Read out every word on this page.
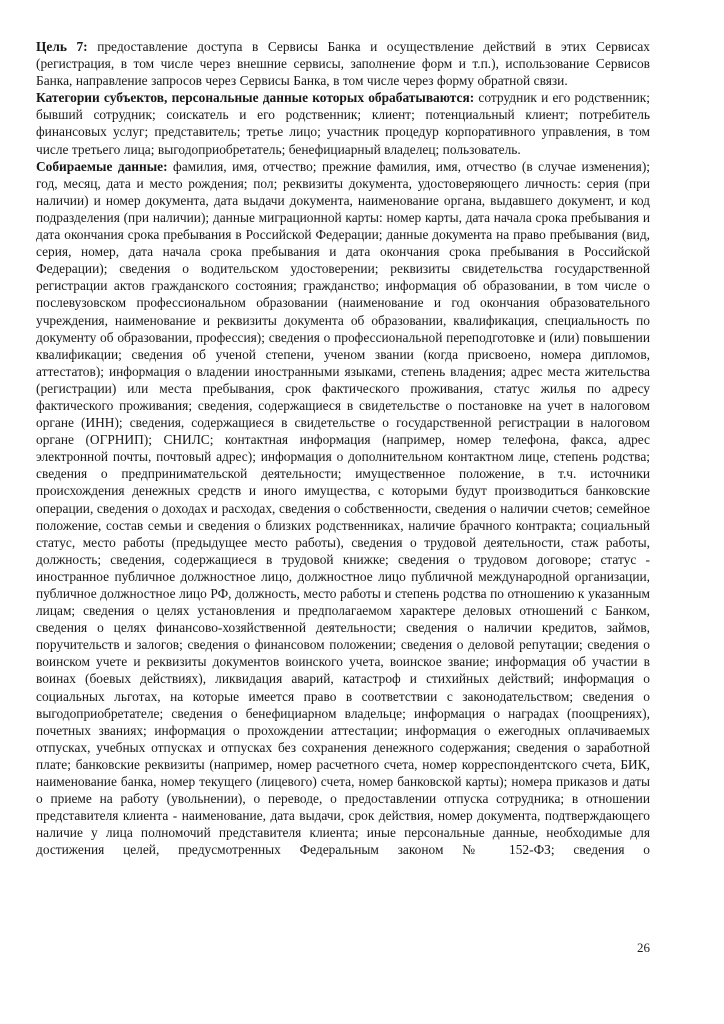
Цель 7: предоставление доступа в Сервисы Банка и осуществление действий в этих Сервисах (регистрация, в том числе через внешние сервисы, заполнение форм и т.п.), использование Сервисов Банка, направление запросов через Сервисы Банка, в том числе через форму обратной связи.

Категории субъектов, персональные данные которых обрабатываются: сотрудник и его родственник; бывший сотрудник; соискатель и его родственник; клиент; потенциальный клиент; потребитель финансовых услуг; представитель; третье лицо; участник процедур корпоративного управления, в том числе третьего лица; выгодоприобретатель; бенефициарный владелец; пользователь.

Собираемые данные: фамилия, имя, отчество; прежние фамилия, имя, отчество (в случае изменения); год, месяц, дата и место рождения; пол; реквизиты документа, удостоверяющего личность: серия (при наличии) и номер документа, дата выдачи документа, наименование органа, выдавшего документ, и код подразделения (при наличии); данные миграционной карты: номер карты, дата начала срока пребывания и дата окончания срока пребывания в Российской Федерации; данные документа на право пребывания (вид, серия, номер, дата начала срока пребывания и дата окончания срока пребывания в Российской Федерации); сведения о водительском удостоверении; реквизиты свидетельства государственной регистрации актов гражданского состояния; гражданство; информация об образовании, в том числе о послевузовском профессиональном образовании (наименование и год окончания образовательного учреждения, наименование и реквизиты документа об образовании, квалификация, специальность по документу об образовании, профессия); сведения о профессиональной переподготовке и (или) повышении квалификации; сведения об ученой степени, ученом звании (когда присвоено, номера дипломов, аттестатов); информация о владении иностранными языками, степень владения; адрес места жительства (регистрации) или места пребывания, срок фактического проживания, статус жилья по адресу фактического проживания; сведения, содержащиеся в свидетельстве о постановке на учет в налоговом органе (ИНН); сведения, содержащиеся в свидетельстве о государственной регистрации в налоговом органе (ОГРНИП); СНИЛС; контактная информация (например, номер телефона, факса, адрес электронной почты, почтовый адрес); информация о дополнительном контактном лице, степень родства; сведения о предпринимательской деятельности; имущественное положение, в т.ч. источники происхождения денежных средств и иного имущества, с которыми будут производиться банковские операции, сведения о доходах и расходах, сведения о собственности, сведения о наличии счетов; семейное положение, состав семьи и сведения о близких родственниках, наличие брачного контракта; социальный статус, место работы (предыдущее место работы), сведения о трудовой деятельности, стаж работы, должность; сведения, содержащиеся в трудовой книжке; сведения о трудовом договоре; статус - иностранное публичное должностное лицо, должностное лицо публичной международной организации, публичное должностное лицо РФ, должность, место работы и степень родства по отношению к указанным лицам; сведения о целях установления и предполагаемом характере деловых отношений с Банком, сведения о целях финансово-хозяйственной деятельности; сведения о наличии кредитов, займов, поручительств и залогов; сведения о финансовом положении; сведения о деловой репутации; сведения о воинском учете и реквизиты документов воинского учета, воинское звание; информация об участии в воинах (боевых действиях), ликвидация аварий, катастроф и стихийных действий; информация о социальных льготах, на которые имеется право в соответствии с законодательством; сведения о выгодоприобретателе; сведения о бенефициарном владельце; информация о наградах (поощрениях), почетных званиях; информация о прохождении аттестации; информация о ежегодных оплачиваемых отпусках, учебных отпусках и отпусках без сохранения денежного содержания; сведения о заработной плате; банковские реквизиты (например, номер расчетного счета, номер корреспондентского счета, БИК, наименование банка, номер текущего (лицевого) счета, номер банковской карты); номера приказов и даты о приеме на работу (увольнении), о переводе, о предоставлении отпуска сотрудника; в отношении представителя клиента - наименование, дата выдачи, срок действия, номер документа, подтверждающего наличие у лица полномочий представителя клиента; иные персональные данные, необходимые для достижения целей, предусмотренных Федеральным законом № 152-ФЗ; сведения о

26
